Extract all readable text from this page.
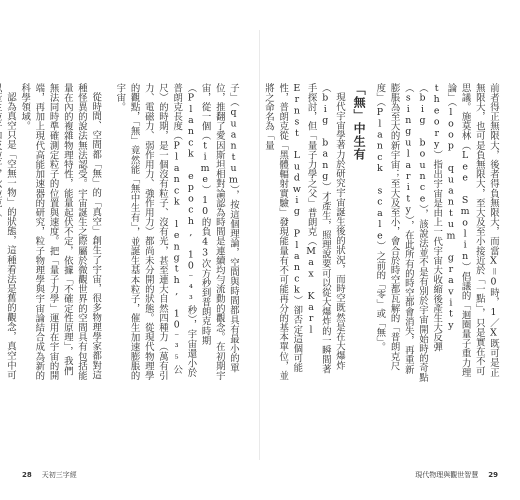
子」（quantum），按這個理論，空間與時間都具有最小的單位，推翻了愛因斯坦相對論認為時間是連續均勻流動的觀念。在初期宇宙，從一個（time）10的負43次方秒到普朗克時期（Planck epoch, 10⁻⁴³秒），宇宙還小於普朗克長度（Planck length, 10⁻³⁵公尺）的時期，是一個沒有粒子、沒有光，甚至連大自然四種力（萬有引力、電磁力、弱作用力、強作用力）都尚未分開的狀態。從現代物理學的觀點，「無」竟然能「無中生有」，並誕生基本粒子，催生加速膨脹的宇宙。
從時間、空間都「無」的「真空」創生了宇宙，很多物理學家都對這種怪異的說法無法認受。宇宙誕生之際屬於微觀世界的空間具有包括能量在內的複雜物理特性，能量起伏不定，依據「不確定性原理」，我們無法同時準確測定粒子的位置與速度。把「量子力學」運用在宇宙的開端，再加上現代高能加速器的研究，粒子物理學與宇宙論結合成為新的科學領域。
認為真空只是「空無一物」的狀態，這種看法是舊的觀念，真空中可	前者得正無限大，後者得負無限大，而當X＝0時，1／X既可是正無限大，也可是負無限大，至大及至小接近於「一點」，只是實在不可思議。施莫林（Lee Smolin）倡議的「迴圈量子重力理論」（loop quantum gravity theory）指出宇宙是由上一代宇宙大收縮後產生大反彈（big bounce），該說法並不是有別於宇宙開始時的奇點（singularity），在此所有的時空都會消失，再重新膨脹為至大的新宇宙；至大及至小，會合於時空都瓦解的「普朗克尺度」（Planck scale）之前的「零」或「無」。
「無」中生有
現代宇宙學著力於研究宇宙誕生後的狀況，而時空既然是在大爆炸（big bang）才產生，照理說要可以從大爆炸的一瞬間著手探討，但「量子力學之父」普朗克（Max Karl Ernst Ludwig Planck）卻否定這個可能性，普朗克從「黑體輻射實驗」發現能量有不可能再分的基本單位，並將之命名為「量
28 天初三字經	現代物理與觀世智慧 29
